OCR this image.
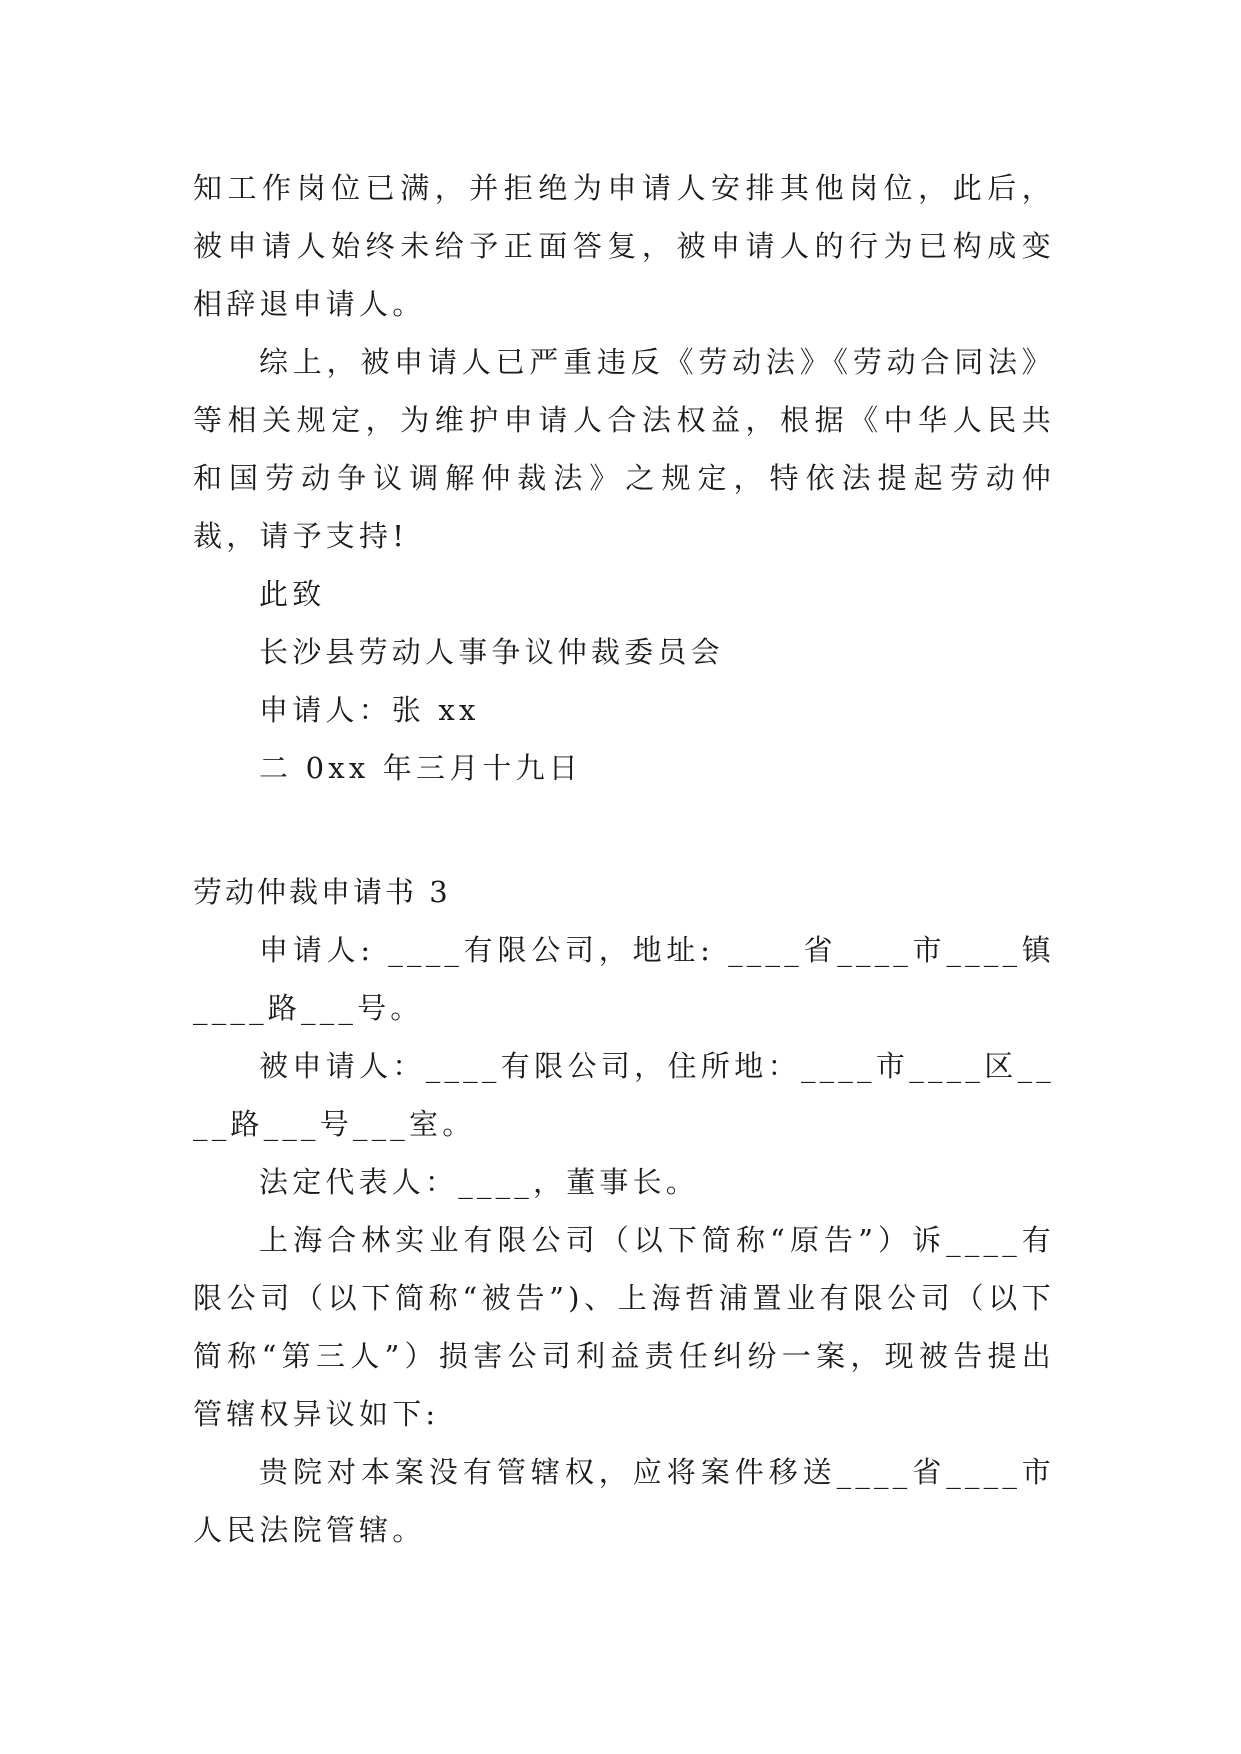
知工作岗位已满，并拒绝为申请人安排其他岗位，此后，被申请人始终未给予正面答复，被申请人的行为已构成变相辞退申请人。

综上，被申请人已严重违反《劳动法》《劳动合同法》等相关规定，为维护申请人合法权益，根据《中华人民共和国劳动争议调解仲裁法》之规定，特依法提起劳动仲裁，请予支持!

此致

长沙县劳动人事争议仲裁委员会

申请人：张 xx

二 0xx 年三月十九日

劳动仲裁申请书 3

申请人: ____有限公司，地址: ____省____市____镇____路___号。

被申请人：____有限公司，住所地：____市____区____路___号___室。

法定代表人：____，董事长。

上海合林实业有限公司（以下简称“原告”）诉____有限公司（以下简称“被告”)、上海哲浦置业有限公司（以下简称“第三人”）损害公司利益责任纠纷一案，现被告提出管辖权异议如下:

贵院对本案没有管辖权，应将案件移送____省____市人民法院管辖。
